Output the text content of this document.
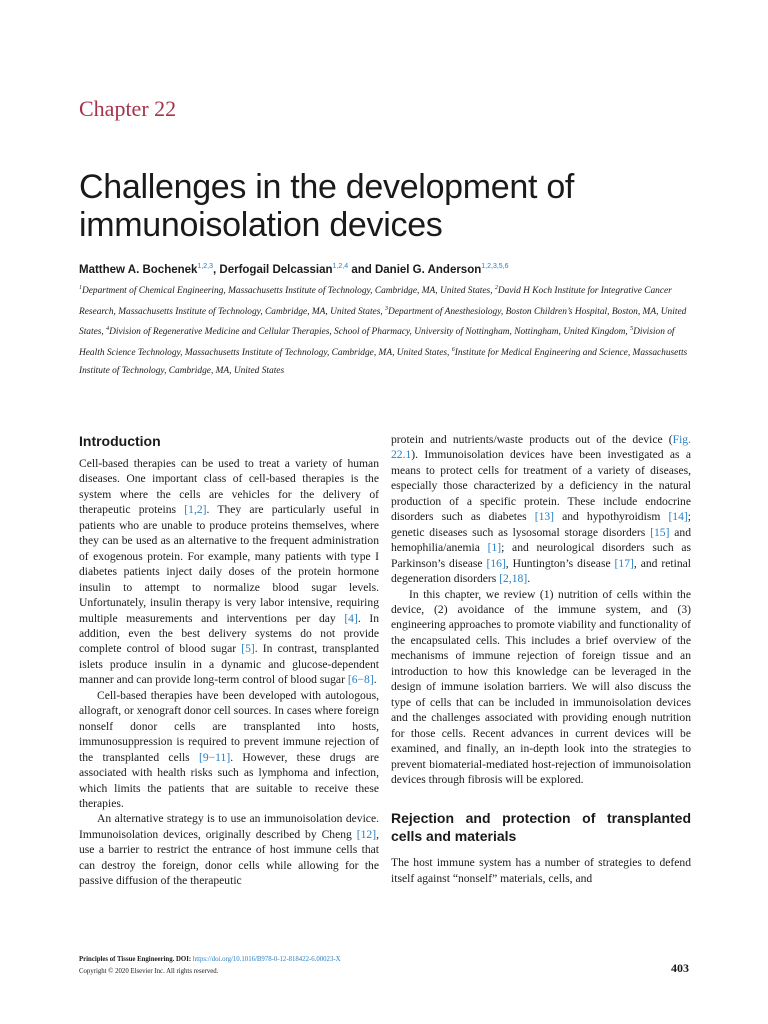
Chapter 22
Challenges in the development of immunoisolation devices
Matthew A. Bochenek$^{1,2,3}$, Derfogail Delcassian$^{1,2,4}$ and Daniel G. Anderson$^{1,2,3,5,6}$
$^1$Department of Chemical Engineering, Massachusetts Institute of Technology, Cambridge, MA, United States, $^2$David H Koch Institute for Integrative Cancer Research, Massachusetts Institute of Technology, Cambridge, MA, United States, $^3$Department of Anesthesiology, Boston Children’s Hospital, Boston, MA, United States, $^4$Division of Regenerative Medicine and Cellular Therapies, School of Pharmacy, University of Nottingham, Nottingham, United Kingdom, $^5$Division of Health Science Technology, Massachusetts Institute of Technology, Cambridge, MA, United States, $^6$Institute for Medical Engineering and Science, Massachusetts Institute of Technology, Cambridge, MA, United States
Introduction

Cell-based therapies can be used to treat a variety of human diseases. One important class of cell-based therapies is the system where the cells are vehicles for the delivery of therapeutic proteins [1,2]. They are particularly useful in patients who are unable to produce proteins themselves, where they can be used as an alternative to the frequent administration of exogenous protein. For example, many patients with type I diabetes patients inject daily doses of the protein hormone insulin to attempt to normalize blood sugar levels. Unfortunately, insulin therapy is very labor intensive, requiring multiple measurements and interventions per day [4]. In addition, even the best delivery systems do not provide complete control of blood sugar [5]. In contrast, transplanted islets produce insulin in a dynamic and glucose-dependent manner and can provide long-term control of blood sugar [6−8].

Cell-based therapies have been developed with autologous, allograft, or xenograft donor cell sources. In cases where foreign nonself donor cells are transplanted into hosts, immunosuppression is required to prevent immune rejection of the transplanted cells [9−11]. However, these drugs are associated with health risks such as lymphoma and infection, which limits the patients that are suitable to receive these therapies.

An alternative strategy is to use an immunoisolation device. Immunoisolation devices, originally described by Cheng [12], use a barrier to restrict the entrance of host immune cells that can destroy the foreign, donor cells while allowing for the passive diffusion of the therapeutic

protein and nutrients/waste products out of the device (Fig. 22.1). Immunoisolation devices have been investigated as a means to protect cells for treatment of a variety of diseases, especially those characterized by a deficiency in the natural production of a specific protein. These include endocrine disorders such as diabetes [13] and hypothyroidism [14]; genetic diseases such as lysosomal storage disorders [15] and hemophilia/anemia [1]; and neurological disorders such as Parkinson’s disease [16], Huntington’s disease [17], and retinal degeneration disorders [2,18].

In this chapter, we review (1) nutrition of cells within the device, (2) avoidance of the immune system, and (3) engineering approaches to promote viability and functionality of the encapsulated cells. This includes a brief overview of the mechanisms of immune rejection of foreign tissue and an introduction to how this knowledge can be leveraged in the design of immune isolation barriers. We will also discuss the type of cells that can be included in immunoisolation devices and the challenges associated with providing enough nutrition for those cells. Recent advances in current devices will be examined, and finally, an in-depth look into the strategies to prevent biomaterial-mediated host-rejection of immunoisolation devices through fibrosis will be explored.

Rejection and protection of transplanted cells and materials

The host immune system has a number of strategies to defend itself against “nonself” materials, cells, and

Principles of Tissue Engineering. DOI: https://doi.org/10.1016/B978-0-12-818422-6.00023-X
Copyright © 2020 Elsevier Inc. All rights reserved.	403
